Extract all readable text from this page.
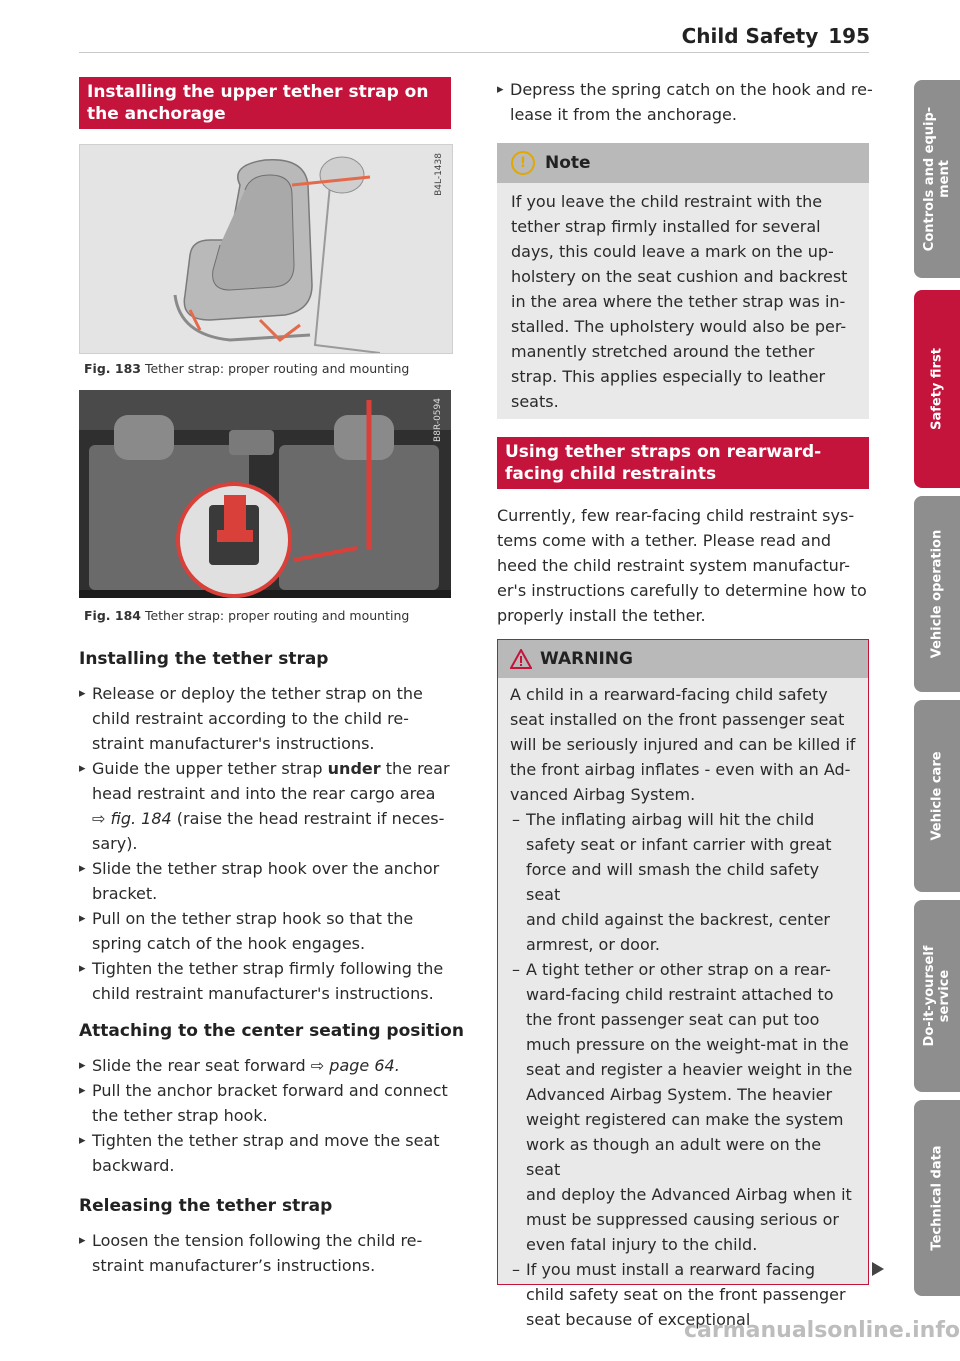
Child Safety 195
Installing the upper tether strap on the anchorage
B4L-1438
Fig. 183 Tether strap: proper routing and mounting
B8R-0594
Fig. 184 Tether strap: proper routing and mounting
Installing the tether strap
▸ Release or deploy the tether strap on the
child restraint according to the child re-
straint manufacturer's instructions.
▸ Guide the upper tether strap under the rear
head restraint and into the rear cargo area
⇨ fig. 184 (raise the head restraint if neces-
sary).
▸ Slide the tether strap hook over the anchor
bracket.
▸ Pull on the tether strap hook so that the
spring catch of the hook engages.
▸ Tighten the tether strap firmly following the
child restraint manufacturer's instructions.
Attaching to the center seating position
▸ Slide the rear seat forward ⇨ page 64.
▸ Pull the anchor bracket forward and connect
the tether strap hook.
▸ Tighten the tether strap and move the seat
backward.
Releasing the tether strap
▸ Loosen the tension following the child re-
straint manufacturer’s instructions.
▸ Depress the spring catch on the hook and re-
lease it from the anchorage.
! Note
If you leave the child restraint with the
tether strap firmly installed for several
days, this could leave a mark on the up-
holstery on the seat cushion and backrest
in the area where the tether strap was in-
stalled. The upholstery would also be per-
manently stretched around the tether
strap. This applies especially to leather
seats.
Using tether straps on rearward-facing child restraints
Currently, few rear-facing child restraint sys-
tems come with a tether. Please read and
heed the child restraint system manufactur-
er's instructions carefully to determine how to
properly install the tether.
WARNING
A child in a rearward-facing child safety
seat installed on the front passenger seat
will be seriously injured and can be killed if
the front airbag inflates - even with an Ad-
vanced Airbag System.
– The inflating airbag will hit the child
safety seat or infant carrier with great
force and will smash the child safety seat
and child against the backrest, center
armrest, or door.
– A tight tether or other strap on a rear-
ward-facing child restraint attached to
the front passenger seat can put too
much pressure on the weight-mat in the
seat and register a heavier weight in the
Advanced Airbag System. The heavier
weight registered can make the system
work as though an adult were on the seat
and deploy the Advanced Airbag when it
must be suppressed causing serious or
even fatal injury to the child.
– If you must install a rearward facing
child safety seat on the front passenger
seat because of exceptional
Controls and equip-
ment
Safety first
Vehicle operation
Vehicle care
Do-it-yourself
service
Technical data
carmanualsonline.info
